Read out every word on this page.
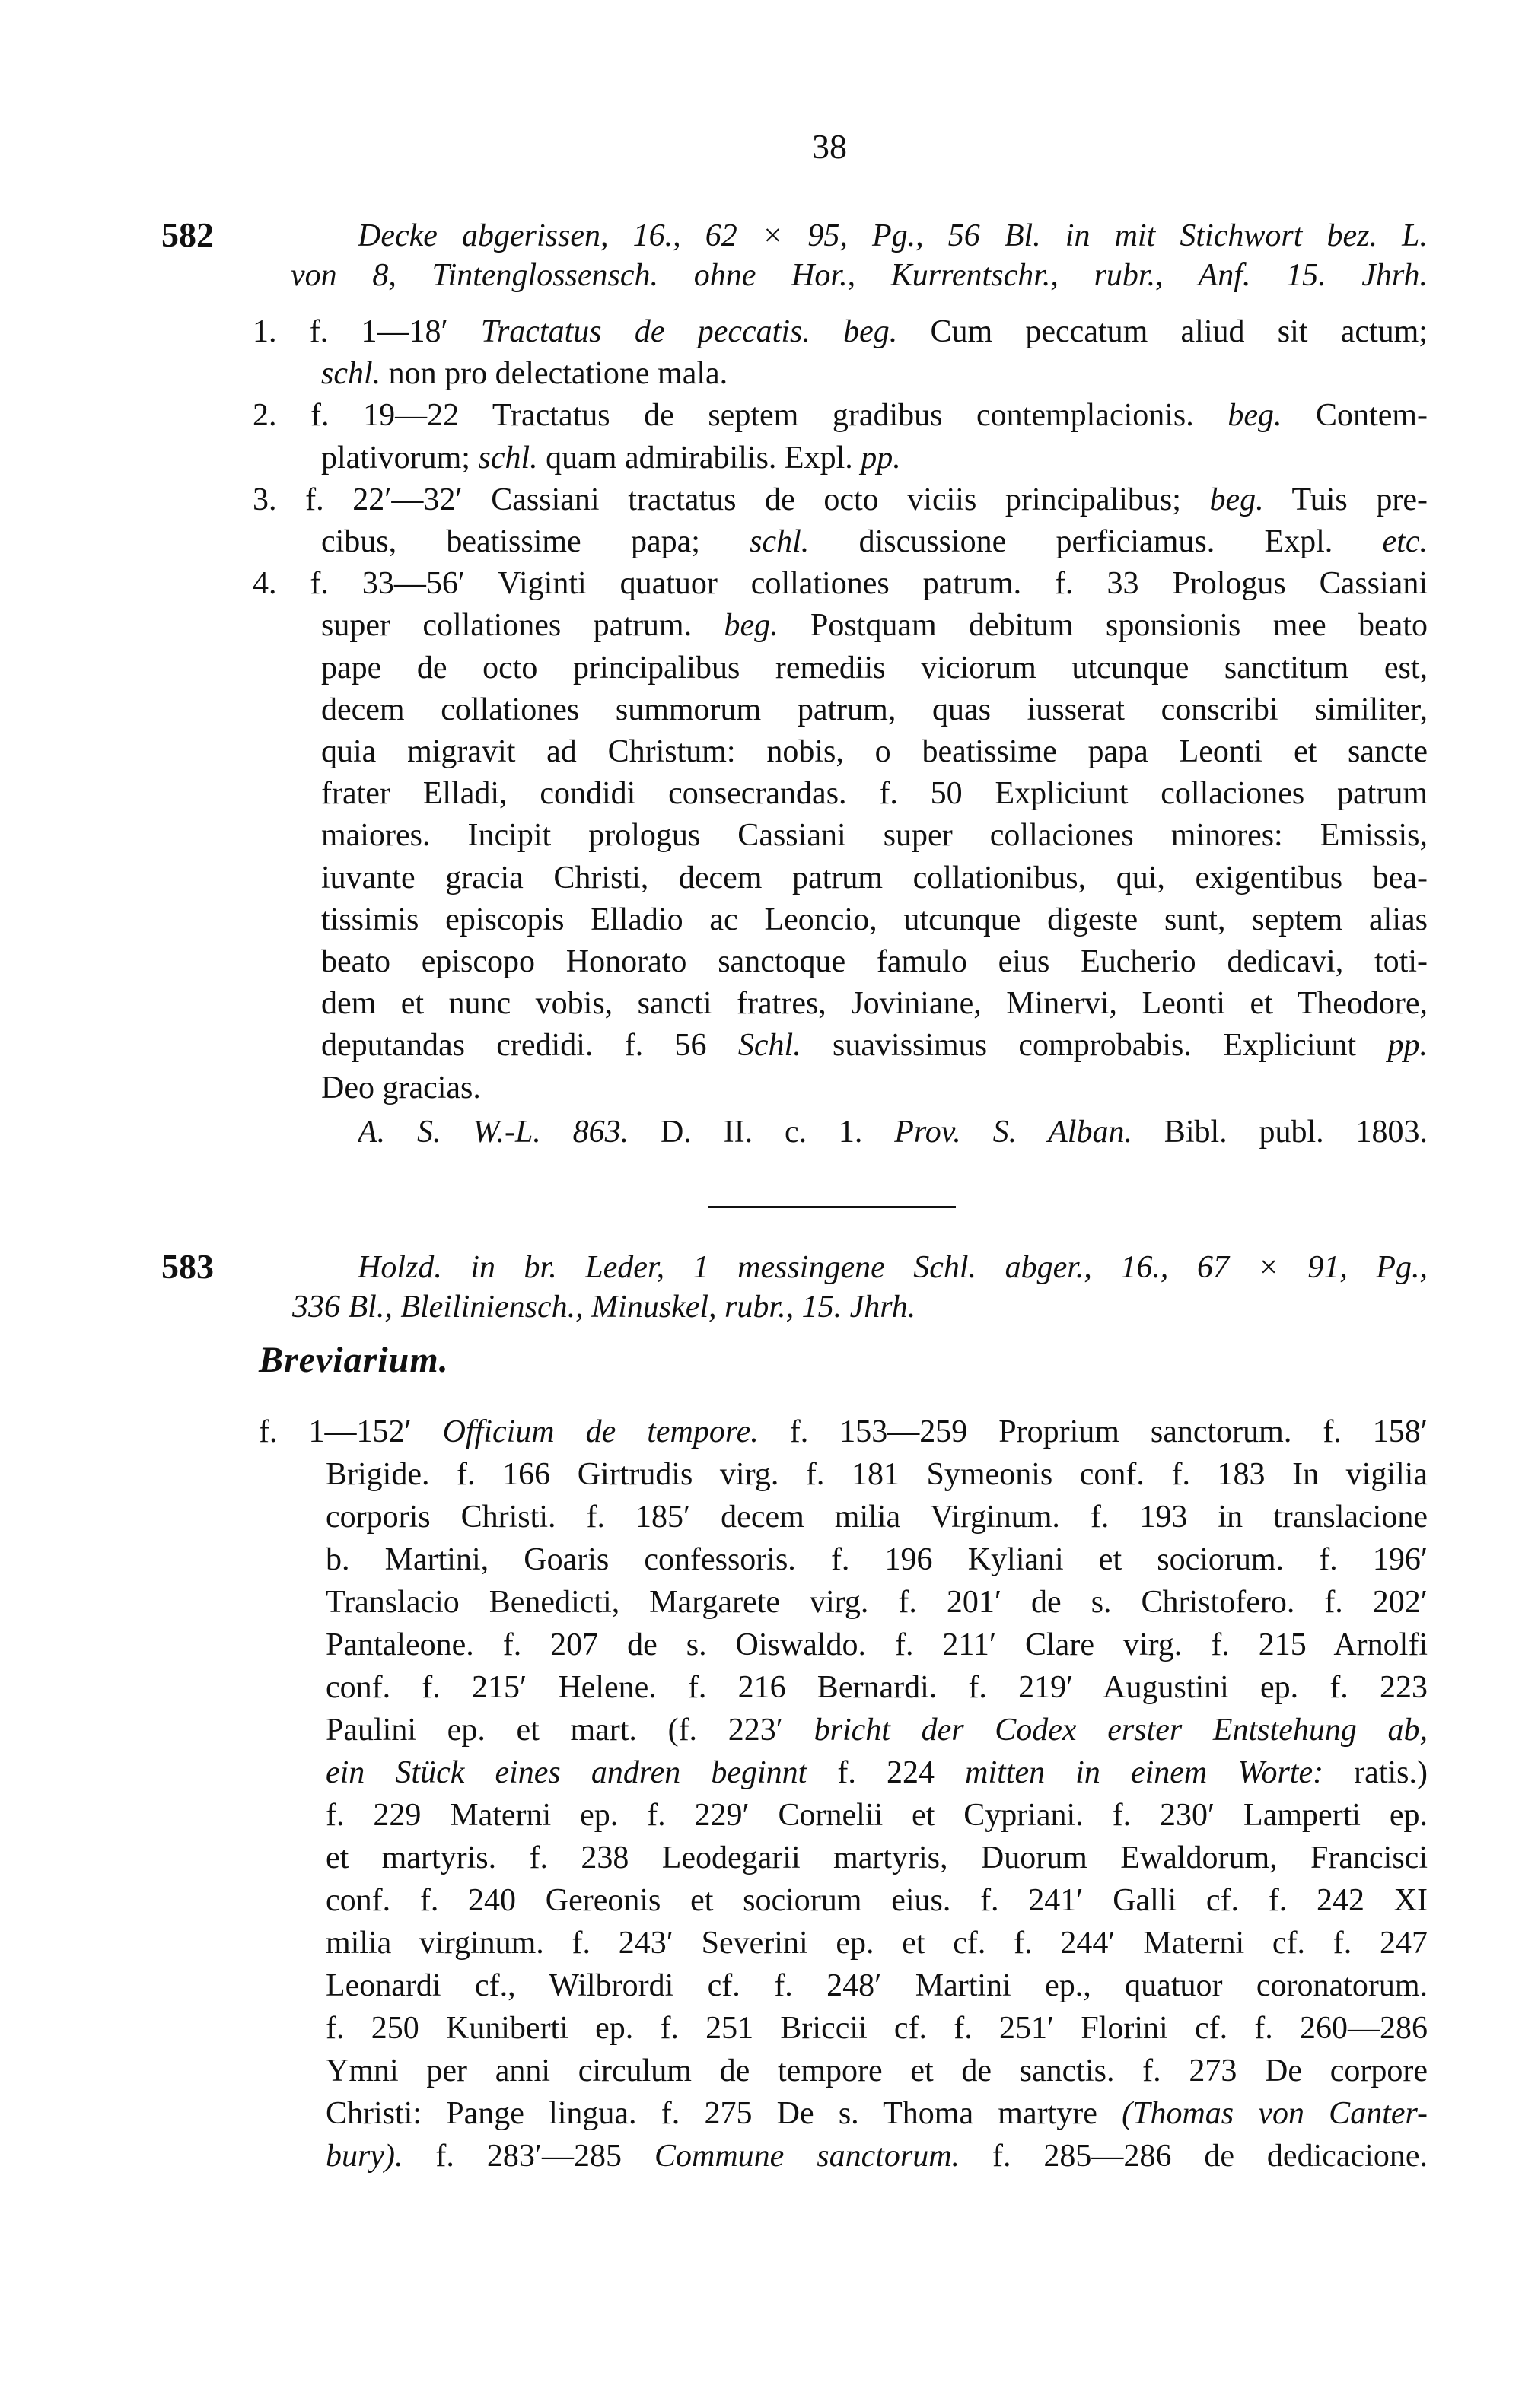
38
582	Decke abgerissen, 16., 62 × 95, Pg., 56 Bl. in mit Stichwort bez. L.
von 8, Tintenglossensch. ohne Hor., Kurrentschr., rubr., Anf. 15. Jhrh.
1. f. 1—18′ Tractatus de peccatis. beg. Cum peccatum aliud sit actum;
schl. non pro delectatione mala.
2. f. 19—22 Tractatus de septem gradibus contemplacionis. beg. Contem-
plativorum; schl. quam admirabilis. Expl. pp.
3. f. 22′—32′ Cassiani tractatus de octo viciis principalibus; beg. Tuis pre-
cibus, beatissime papa; schl. discussione perficiamus. Expl. etc.
4. f. 33—56′ Viginti quatuor collationes patrum. f. 33 Prologus Cassiani
super collationes patrum. beg. Postquam debitum sponsionis mee beato
pape de octo principalibus remediis viciorum utcunque sanctitum est,
decem collationes summorum patrum, quas iusserat conscribi similiter,
quia migravit ad Christum: nobis, o beatissime papa Leonti et sancte
frater Elladi, condidi consecrandas. f. 50 Expliciunt collaciones patrum
maiores. Incipit prologus Cassiani super collaciones minores: Emissis,
iuvante gracia Christi, decem patrum collationibus, qui, exigentibus bea-
tissimis episcopis Elladio ac Leoncio, utcunque digeste sunt, septem alias
beato episcopo Honorato sanctoque famulo eius Eucherio dedicavi, toti-
dem et nunc vobis, sancti fratres, Joviniane, Minervi, Leonti et Theodore,
deputandas credidi. f. 56 Schl. suavissimus comprobabis. Expliciunt pp.
Deo gracias.
A. S. W.-L. 863. D. II. c. 1. Prov. S. Alban. Bibl. publ. 1803.
583
Breviarium.
Holzd. in br. Leder, 1 messingene Schl. abger., 16., 67 × 91, Pg.,
336 Bl., Bleiliniensch., Minuskel, rubr., 15. Jhrh.
f. 1—152′ Officium de tempore. f. 153—259 Proprium sanctorum. f. 158′
Brigide. f. 166 Girtrudis virg. f. 181 Symeonis conf. f. 183 In vigilia
corporis Christi. f. 185′ decem milia Virginum. f. 193 in translacione
b. Martini, Goaris confessoris. f. 196 Kyliani et sociorum. f. 196′
Translacio Benedicti, Margarete virg. f. 201′ de s. Christofero. f. 202′
Pantaleone. f. 207 de s. Oiswaldo. f. 211′ Clare virg. f. 215 Arnolfi
conf. f. 215′ Helene. f. 216 Bernardi. f. 219′ Augustini ep. f. 223
Paulini ep. et mart. (f. 223′ bricht der Codex erster Entstehung ab,
ein Stück eines andren beginnt f. 224 mitten in einem Worte: ratis.)
f. 229 Materni ep. f. 229′ Cornelii et Cypriani. f. 230′ Lamperti ep.
et martyris. f. 238 Leodegarii martyris, Duorum Ewaldorum, Francisci
conf. f. 240 Gereonis et sociorum eius. f. 241′ Galli cf. f. 242 XI
milia virginum. f. 243′ Severini ep. et cf. f. 244′ Materni cf. f. 247
Leonardi cf., Wilbrordi cf. f. 248′ Martini ep., quatuor coronatorum.
f. 250 Kuniberti ep. f. 251 Briccii cf. f. 251′ Florini cf. f. 260—286
Ymni per anni circulum de tempore et de sanctis. f. 273 De corpore
Christi: Pange lingua. f. 275 De s. Thoma martyre (Thomas von Canter-
bury). f. 283′—285 Commune sanctorum. f. 285—286 de dedicacione.
